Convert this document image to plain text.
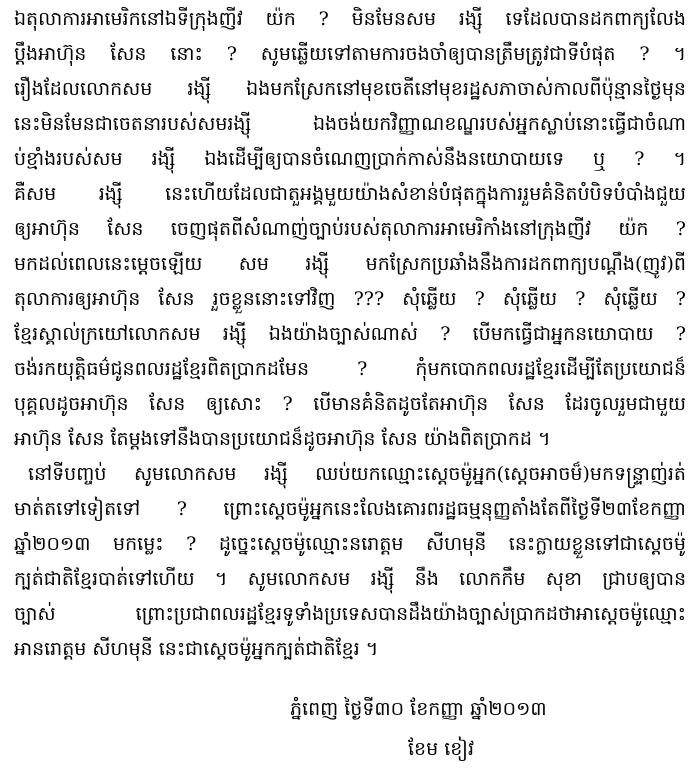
ឯតុលាការអាមេរិកនៅឯទីក្រុងញីវ យ៉ក ? មិនមែនសម រង្ស៊ី ទេដែលបានដកពាក្យលែង
ប្តឹងអាហ៊ុន សែន នោះ ? សូមឆ្លើយទៅតាមការចងចាំឲ្យបានត្រឹមត្រូវជាទីបំផុត ? ។
រឿងដែលលោកសម រង្ស៊ី ឯងមកស្រែកនៅមុខចេតីនៅមុខរដ្ឋសភាចាស់កាលពីប៉ុន្មានថ្ងៃមុន
នេះមិនមែនជាចេតនារបស់សមរង្ស៊ី ឯងចង់យកវិញ្ញាណខណ្ឌរបស់អ្នកស្លាប់នោះធ្វើជាចំណា
ប់ខ្មាំងរបស់សម រង្ស៊ី ឯងដើម្បីឲ្យបានចំណេញប្រាក់កាស់នឹងនយោបាយទេ ឬ ? ។
គឺសម រង្ស៊ី នេះហើយដែលជាតួអង្គមួយយ៉ាងសំខាន់បំផុតក្នុងការរួមគំនិតបំបិទបំបាំងជួយ
ឲ្យអាហ៊ុន សែន ចេញផុតពីសំណាញ់ច្បាប់របស់តុលាការអាមេរិកាំងនៅក្រុងញីវ យ៉ក ?
មកដល់ពេលនេះម្តេចឡើយ សម រង្ស៊ី មកស្រែកប្រឆាំងនឹងការដកពាក្យបណ្តឹង(ញូវ)ពី
តុលាការឲ្យអាហ៊ុន សែន រួចខ្លួននោះទៅវិញ ??? សុំឆ្លើយ ? សុំឆ្លើយ ? សុំឆ្លើយ ?
ខ្មែរស្គាល់ក្រយៅលោកសម រង្ស៊ី ឯងយ៉ាងច្បាស់ណាស់ ? បើមកធ្វើជាអ្នកនយោបាយ ?
ចង់រកយុត្តិធម៌ជូនពលរដ្ឋខ្មែរពិតប្រាកដមែន ? កុំមកបោកពលរដ្ឋខ្មែរដើម្បីតែប្រយោជន៏
បុគ្គលដូចអាហ៊ុន សែន ឲ្យសោះ ? បើមានគំនិតដូចតែអាហ៊ុន សែន ដែរចូលរួមជាមួយ
អាហ៊ុន សែន តែម្តងទៅនឹងបានប្រយោជន៏ដូចអាហ៊ុន សែន យ៉ាងពិតប្រាកដ ។
នៅទីបញ្ចប់ សូមលោកសម រង្ស៊ី ឈប់យកឈ្មោះស្តេចម៉ូអ្នក(ស្តេចអាចម៏)មកទន្ទ្រាញ់រត់
មាត់តទៅទៀតទៅ ? ព្រោះស្តេចម៉ូអ្នកនេះលែងគោរពរដ្ឋធម្មនុញ្ញតាំងតែពីថ្ងៃទី២៣ខែកញ្ញា
ឆ្នាំ២០១៣ មកម្លេះ ? ដូច្នេះស្តេចម៉ូឈ្មោះនរោត្តម សីហមុនី នេះក្លាយខ្លួនទៅជាស្តេចម៉ូ
ក្បត់ជាតិខ្មែរបាត់ទៅហើយ ។ សូមលោកសម រង្ស៊ី នឹង លោកកឹម សុខា ជ្រាបឲ្យបាន
ច្បាស់ ព្រោះប្រជាពលរដ្ឋខ្មែរទូទាំងប្រទេសបានដឹងយ៉ាងច្បាស់ប្រាកដថាអាស្តេចម៉ូឈ្មោះ
អានរោត្តម សីហមុនី នេះជាស្តេចម៉ូអ្នកក្បត់ជាតិខ្មែរ ។
ភ្នំពេញ ថ្ងៃទី៣០ ខែកញ្ញា ឆ្នាំ២០១៣
ខែម ខៀវ
